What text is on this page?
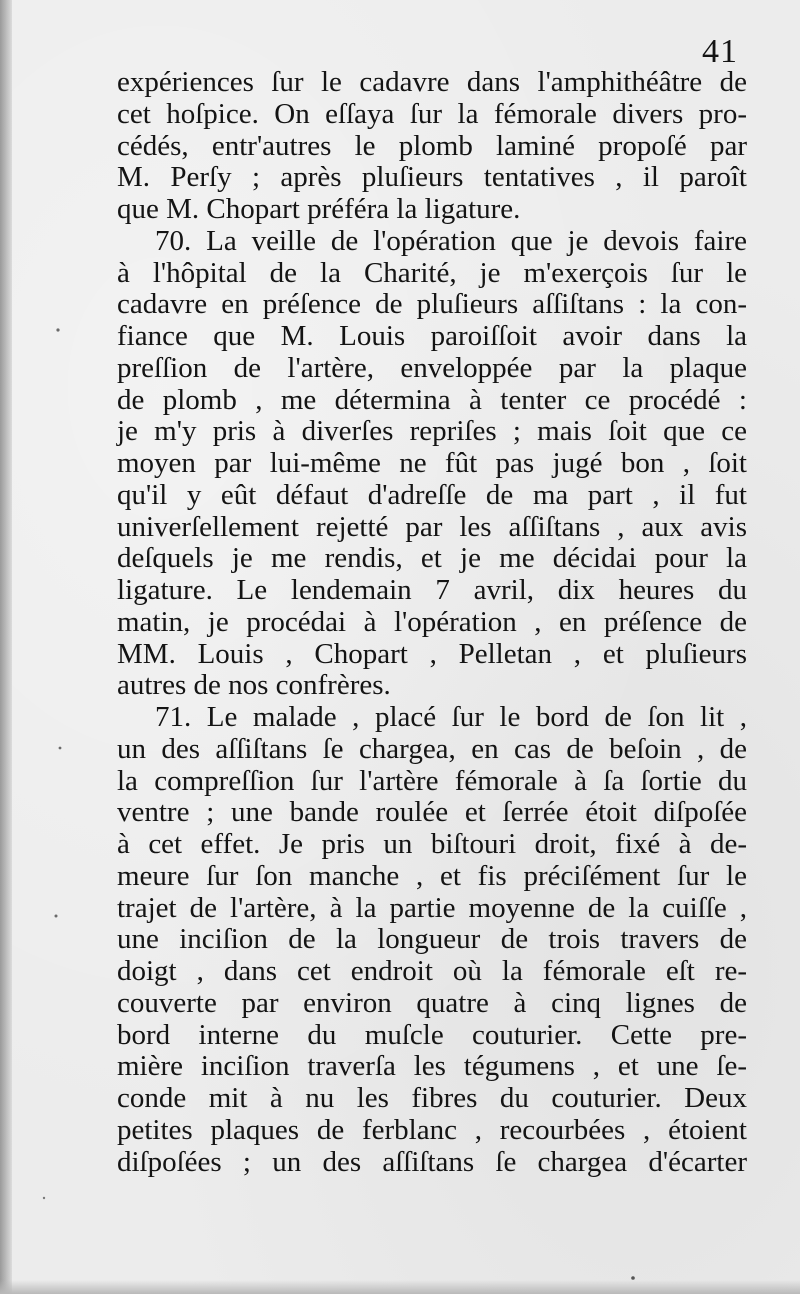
41
expériences ſur le cadavre dans l'amphithéâtre de
cet hoſpice. On eſſaya ſur la fémorale divers pro-
cédés, entr'autres le plomb laminé propoſé par
M. Perſy ; après pluſieurs tentatives , il paroît
que M. Chopart préféra la ligature.
70. La veille de l'opération que je devois faire
à l'hôpital de la Charité, je m'exerçois ſur le
cadavre en préſence de pluſieurs aſſiſtans : la con-
fiance que M. Louis paroiſſoit avoir dans la
preſſion de l'artère, enveloppée par la plaque
de plomb , me détermina à tenter ce procédé :
je m'y pris à diverſes repriſes ; mais ſoit que ce
moyen par lui-même ne fût pas jugé bon , ſoit
qu'il y eût défaut d'adreſſe de ma part , il fut
univerſellement rejetté par les aſſiſtans , aux avis
deſquels je me rendis, et je me décidai pour la
ligature. Le lendemain 7 avril, dix heures du
matin, je procédai à l'opération , en préſence de
MM. Louis , Chopart , Pelletan , et pluſieurs
autres de nos confrères.
71. Le malade , placé ſur le bord de ſon lit ,
un des aſſiſtans ſe chargea, en cas de beſoin , de
la compreſſion ſur l'artère fémorale à ſa ſortie du
ventre ; une bande roulée et ſerrée étoit diſpoſée
à cet effet. Je pris un biſtouri droit, fixé à de-
meure ſur ſon manche , et fis préciſément ſur le
trajet de l'artère, à la partie moyenne de la cuiſſe ,
une inciſion de la longueur de trois travers de
doigt , dans cet endroit où la fémorale eſt re-
couverte par environ quatre à cinq lignes de
bord interne du muſcle couturier. Cette pre-
mière inciſion traverſa les tégumens , et une ſe-
conde mit à nu les fibres du couturier. Deux
petites plaques de ferblanc , recourbées , étoient
diſpoſées ; un des aſſiſtans ſe chargea d'écarter
